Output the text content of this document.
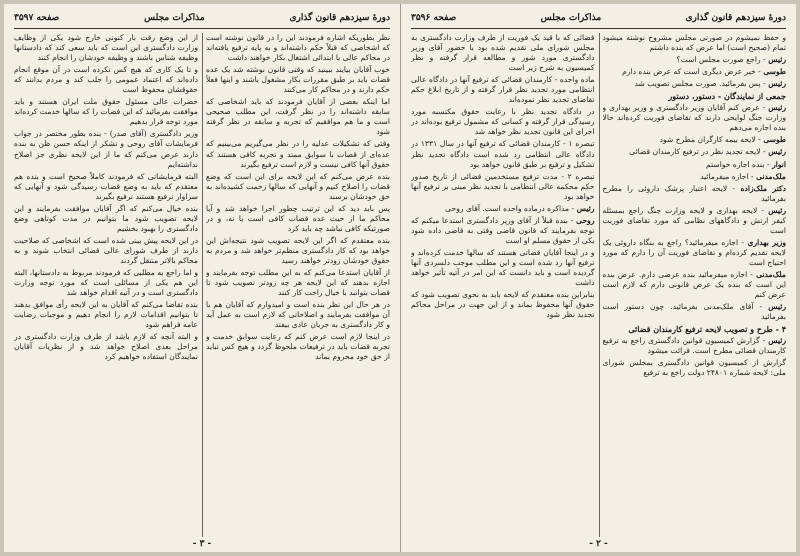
دورهٔ سیزدهم قانون گذاری
مذاکرات مجلس
صفحه ۳۵۹۷

نظر بطوریکه اشاره فرمودند این را در قانون نوشته است که اشخاصی که قبلاً حکم داشته‌اند و به پایه ترفیع یافته‌اند در محاکم عالی یا ابتدائی اشتغال بکار خواهند داشت

خوب آقایان بیایند ببینید که وقتی قانون نوشته شد یک عده قضات باید بر طبق مقررات بکار مشغول باشند و اینها فعلاً حکم دارند و در محاکم کار می‌کنند

اما اینکه بعضی از آقایان فرمودند که باید اشخاصی که سابقه داشته‌اند را در نظر گرفت، این مطلب صحیحی است و ما هم موافقیم که تجربه و سابقه در نظر گرفته شود

وقتی که تشکیلات عدلیه را در نظر می‌گیریم می‌بینیم که عده‌ای از قضات با سوابق ممتد و تجربه کافی هستند که حقوق آنها کافی نیست و لازم است ترفیع بگیرند

بنده عرض می‌کنم که این لایحه برای این است که وضع قضات را اصلاح کنیم و آنهایی که سالها زحمت کشیده‌اند به حق خودشان برسند

پس باید دید که این ترتیب چطور اجرا خواهد شد و آیا محاکم ما از حیث عده قضات کافی است یا نه، و در صورتیکه کافی نباشد چه باید کرد

بنده معتقدم که اگر این لایحه تصویب شود نتیجه‌اش این خواهد بود که کار دادگستری منظم‌تر خواهد شد و مردم به حقوق خودشان زودتر خواهند رسید

از آقایان استدعا می‌کنم که به این مطلب توجه بفرمایند و اجازه بدهند که این لایحه هر چه زودتر تصویب شود تا قضات بتوانند با خیال راحت کار کنند

در هر حال این نظر بنده است و امیدوارم که آقایان هم با آن موافقت بفرمایند و اصلاحاتی که لازم است به عمل آید و کار دادگستری به جریان عادی بیفتد

در اینجا لازم است عرض کنم که رعایت سوابق خدمت و تجربه قضات باید در ترفیعات ملحوظ گردد و هیچ کس نباید از حق خود محروم بماند

از این وضع رقت بار کنونی خارج شود یکی از وظایف وزارت دادگستری این است که باید سعی کند که دادستانها وظیفه شناس باشند و وظیفه خودشان را انجام کنند

و تا یک کاری که هیچ کس نکرده است در آن موقع انجام داده‌اند که اعتماد عمومی را جلب کند و مردم بدانند که حقوقشان محفوظ است

حضرات عالی مسئول حقوق ملت ایران هستند و باید موافقت بفرمائید که این قضات را که سالها خدمت کرده‌اند مورد توجه قرار بدهیم

وزیر دادگستری (آقای صدر) - بنده بطور مختصر در جواب فرمایشات آقای روحی و تشکر از اینکه حسن ظن به بنده دارند عرض می‌کنم که ما از این لایحه نظری جز اصلاح نداشته‌ایم

البته فرمایشاتی که فرمودند کاملاً صحیح است و بنده هم معتقدم که باید به وضع قضات رسیدگی شود و آنهایی که سزاوار ترفیع هستند ترفیع بگیرند

بنده خیال می‌کنم که اگر آقایان موافقت بفرمایند و این لایحه تصویب شود ما بتوانیم در مدت کوتاهی وضع دادگستری را بهبود بخشیم

در این لایحه پیش بینی شده است که اشخاصی که صلاحیت دارند از طرف شورای عالی قضائی انتخاب شوند و به محاکم بالاتر منتقل گردند

و اما راجع به مطلبی که فرمودند مربوط به دادستانها، البته این هم یکی از مسائلی است که مورد توجه وزارت دادگستری است و در آتیه اقدام خواهد شد

بنده تقاضا می‌کنم که آقایان به این لایحه رأی موافق بدهند تا بتوانیم اقدامات لازم را انجام دهیم و موجبات رضایت عامه فراهم شود

و البته آنچه که لازم باشد از طرف وزارت دادگستری در مراحل بعدی اصلاح خواهد شد و از نظریات آقایان نمایندگان استفاده خواهیم کرد

- ۳ -
دورهٔ سیزدهم قانون گذاری
مذاکرات مجلس
صفحه ۳۵۹۶

و حفظ نمیشوم در صورتی مجلس مشروح نوشته میشود تمام (صحیح است) اما عرض که بنده داشتم

رئیس - راجع صورت مجلس است؟

طوسی - خیر عرض دیگری است که عرض بنده دارم

رئیس - پس بفرمائید. صورت مجلس تصویب شد

جمعی از نمایندگان - دستور، دستور

رئیس - عرض کنم آقایان وزیر دادگستری و وزیر بهداری و وزارت جنگ لوایحی دارند که تقاضای فوریت کرده‌اند حالا بنده اجازه می‌دهم

طوسی - لایحه بیمه کارگران مطرح شود

رئیس - لایحه تجدید نظر در ترفیع کارمندان قضائی

انوار - بنده اجازه خواستم

ملک‌مدنی - اجازه میفرمائید

دکتر ملک‌زاده - لایحه اعتبار پزشک داروئی را مطرح بفرمائید

رئیس - لایحه بهداری و لایحه وزارت جنگ راجع بمسئله کیفر ارتش و دادگاههای نظامی که مورد تقاضای فوریت است

وزیر بهداری - اجازه میفرمائید؟ راجع به بنگاه داروئی یک لایحه تقدیم کرده‌ام و تقاضای فوریت آن را دارم که مورد احتیاج است

ملک‌مدنی - اجازه میفرمائید بنده عرضی دارم. عرض بنده این است که بنده یک عرض قانونی دارم که لازم است عرض کنم

رئیس - آقای ملک‌مدنی بفرمائید. چون دستور است بفرمائید

۴ - طرح و تصویب لایحه ترفیع کارمندان قضائی

رئیس - گزارش کمیسیون قوانین دادگستری راجع به ترفیع کارمندان قضائی مطرح است. قرائت میشود

گزارش از کمیسیون قوانین دادگستری بمجلس شورای ملی: لایحه شماره ۲۴۸۰۱ دولت راجع به ترفیع

قضائی که با قید یک فوریت از طرف وزارت دادگستری به مجلس شورای ملی تقدیم شده بود با حضور آقای وزیر دادگستری مورد شور و مطالعه قرار گرفته و نظر کمیسیون به شرح زیر است

ماده واحده - کارمندان قضائی که ترفیع آنها در دادگاه عالی انتظامی مورد تجدید نظر قرار گرفته و از تاریخ ابلاغ حکم تقاضای تجدید نظر نموده‌اند

در دادگاه تجدید نظر با رعایت حقوق مکتسبه مورد رسیدگی قرار گرفته و کسانی که مشمول ترفیع بوده‌اند در اجرای این قانون تجدید نظر خواهد شد

تبصره ۱ - کارمندان قضائی که ترفیع آنها در سال ۱۳۳۱ در دادگاه عالی انتظامی رد شده است دادگاه تجدید نظر تشکیل و ترفیع بر طبق قانون خواهد بود

تبصره ۲ - مدت ترفیع مستخدمین قضائی از تاریخ صدور حکم محکمه عالی انتظامی با تجدید نظر مبنی بر ترفیع آنها خواهد بود

رئیس - مذاکره درماده واحده است. آقای روحی

روحی - بنده قبلاً از آقای وزیر دادگستری استدعا میکنم که توجه بفرمایند که قانون قاضی وقتی به قاضی داده شود یکی از حقوق مسلم او است

و در اینجا آقایان قضاتی هستند که سالها خدمت کرده‌اند و ترفیع آنها رد شده است و این مطلب موجب دلسردی آنها گردیده است و باید دانست که این امر در آتیه تأثیر خواهد داشت

بنابراین بنده معتقدم که لایحه باید به نحوی تصویب شود که حقوق آنها محفوظ بماند و از این جهت در مراحل محاکم تجدید نظر شود

- ۲ -
